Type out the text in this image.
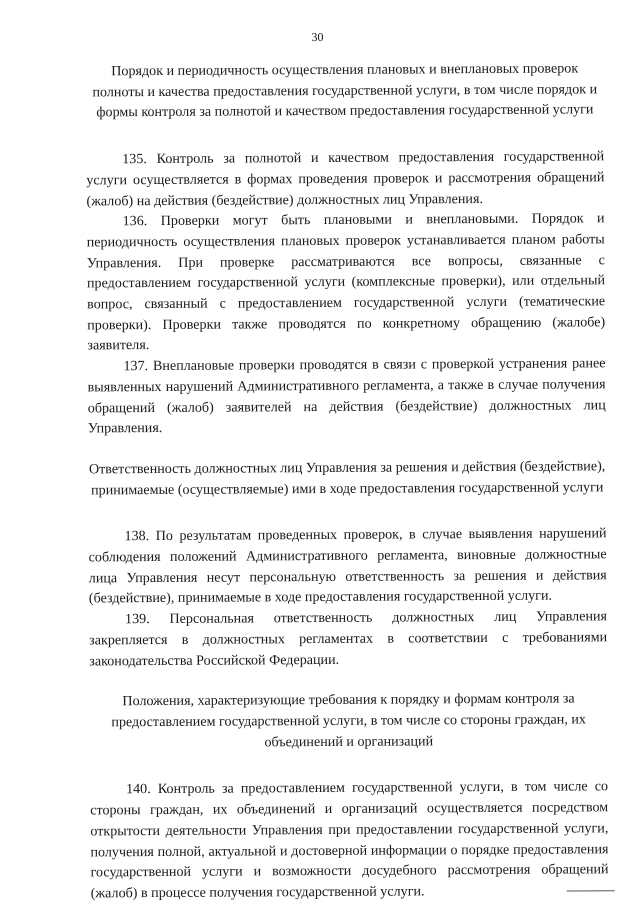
30

Порядок и периодичность осуществления плановых и внеплановых проверок полноты и качества предоставления государственной услуги, в том числе порядок и формы контроля за полнотой и качеством предоставления государственной услуги

135. Контроль за полнотой и качеством предоставления государственной услуги осуществляется в формах проведения проверок и рассмотрения обращений (жалоб) на действия (бездействие) должностных лиц Управления.

136. Проверки могут быть плановыми и внеплановыми. Порядок и периодичность осуществления плановых проверок устанавливается планом работы Управления. При проверке рассматриваются все вопросы, связанные с предоставлением государственной услуги (комплексные проверки), или отдельный вопрос, связанный с предоставлением государственной услуги (тематические проверки). Проверки также проводятся по конкретному обращению (жалобе) заявителя.

137. Внеплановые проверки проводятся в связи с проверкой устранения ранее выявленных нарушений Административного регламента, а также в случае получения обращений (жалоб) заявителей на действия (бездействие) должностных лиц Управления.

Ответственность должностных лиц Управления за решения и действия (бездействие), принимаемые (осуществляемые) ими в ходе предоставления государственной услуги

138. По результатам проведенных проверок, в случае выявления нарушений соблюдения положений Административного регламента, виновные должностные лица Управления несут персональную ответственность за решения и действия (бездействие), принимаемые в ходе предоставления государственной услуги.

139. Персональная ответственность должностных лиц Управления закрепляется в должностных регламентах в соответствии с требованиями законодательства Российской Федерации.

Положения, характеризующие требования к порядку и формам контроля за предоставлением государственной услуги, в том числе со стороны граждан, их объединений и организаций

140. Контроль за предоставлением государственной услуги, в том числе со стороны граждан, их объединений и организаций осуществляется посредством открытости деятельности Управления при предоставлении государственной услуги, получения полной, актуальной и достоверной информации о порядке предоставления государственной услуги и возможности досудебного рассмотрения обращений (жалоб) в процессе получения государственной услуги.
